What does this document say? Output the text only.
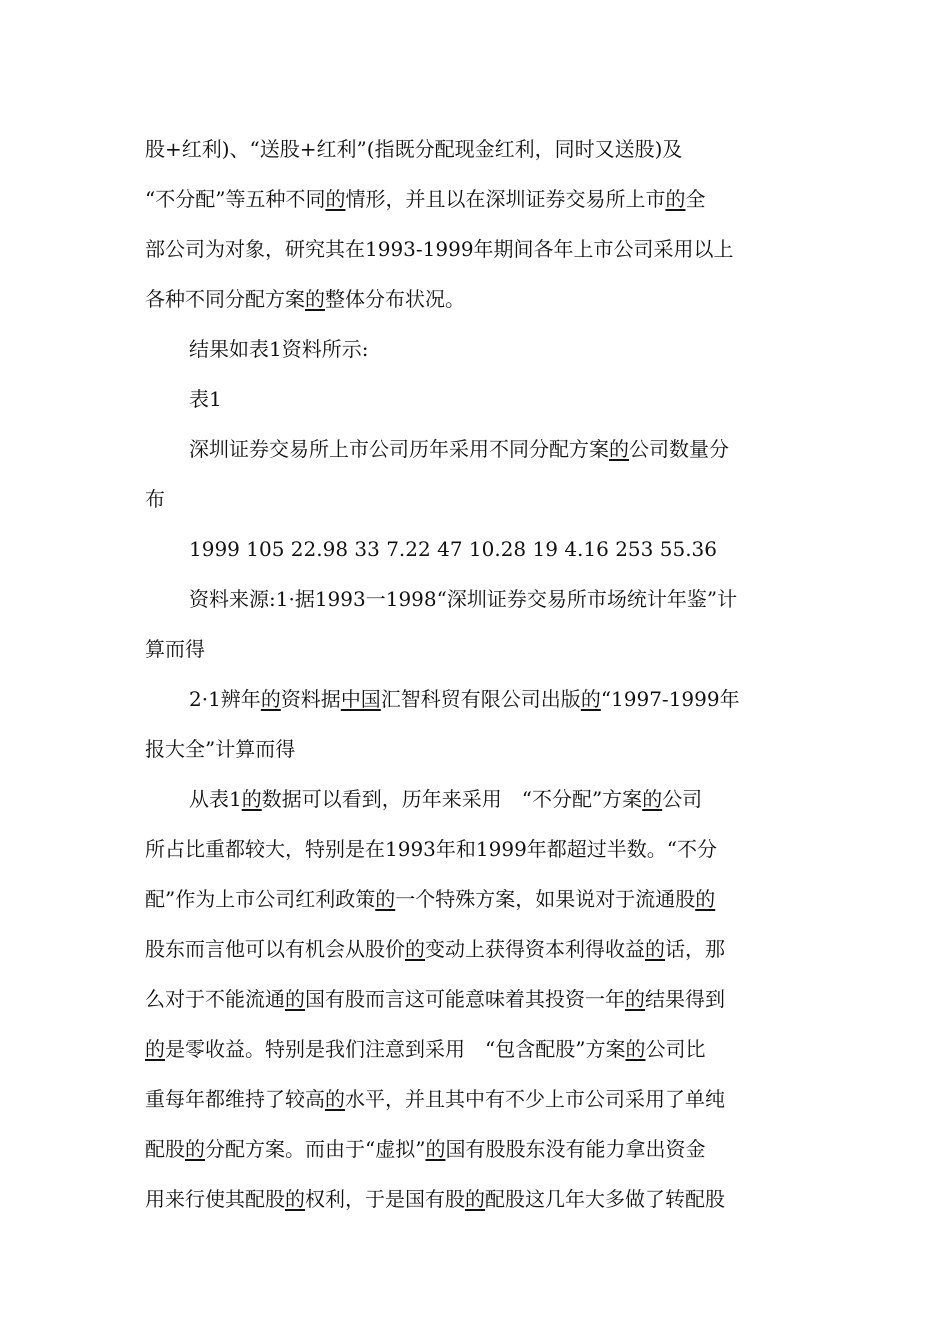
股+红利)、“送股+红利”(指既分配现金红利，同时又送股)及
“不分配”等五种不同的情形，并且以在深圳证券交易所上市的全
部公司为对象，研究其在1993-1999年期间各年上市公司采用以上
各种不同分配方案的整体分布状况。
结果如表1资料所示:
表1
深圳证券交易所上市公司历年采用不同分配方案的公司数量分
布
1999 105 22.98 33 7.22 47 10.28 19 4.16 253 55.36
资料来源:1·据1993一1998“深圳证券交易所市场统计年鉴”计
算而得
2·1辨年的资料据中国汇智科贸有限公司出版的“1997-1999年
报大全”计算而得
从表1的数据可以看到，历年来采用　“不分配”方案的公司
所占比重都较大，特别是在1993年和1999年都超过半数。“不分
配”作为上市公司红利政策的一个特殊方案，如果说对于流通股的
股东而言他可以有机会从股价的变动上获得资本利得收益的话，那
么对于不能流通的国有股而言这可能意味着其投资一年的结果得到
的是零收益。特别是我们注意到采用　“包含配股”方案的公司比
重每年都维持了较高的水平，并且其中有不少上市公司采用了单纯
配股的分配方案。而由于“虚拟”的国有股股东没有能力拿出资金
用来行使其配股的权利，于是国有股的配股这几年大多做了转配股
